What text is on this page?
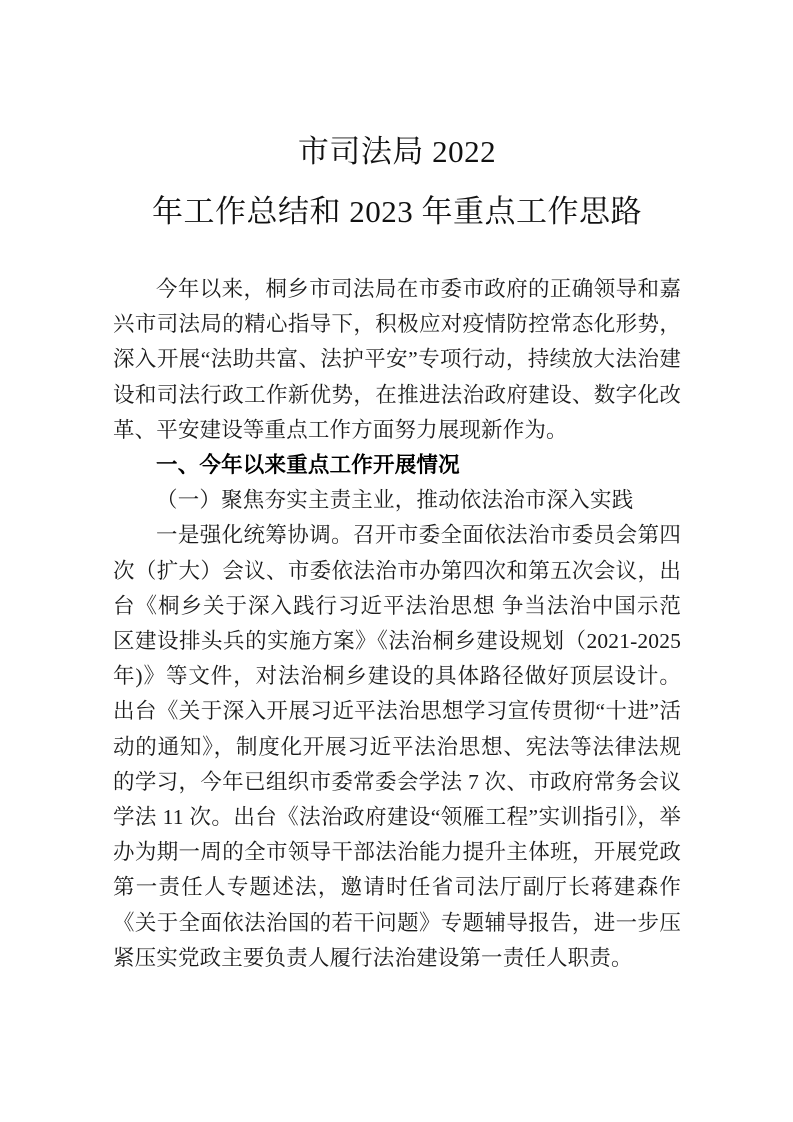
市司法局 2022
年工作总结和 2023 年重点工作思路

今年以来，桐乡市司法局在市委市政府的正确领导和嘉兴市司法局的精心指导下，积极应对疫情防控常态化形势，深入开展“法助共富、法护平安”专项行动，持续放大法治建设和司法行政工作新优势，在推进法治政府建设、数字化改革、平安建设等重点工作方面努力展现新作为。

一、今年以来重点工作开展情况

（一）聚焦夯实主责主业，推动依法治市深入实践

一是强化统筹协调。召开市委全面依法治市委员会第四次（扩大）会议、市委依法治市办第四次和第五次会议，出台《桐乡关于深入践行习近平法治思想 争当法治中国示范区建设排头兵的实施方案》《法治桐乡建设规划（2021-2025年)》等文件，对法治桐乡建设的具体路径做好顶层设计。出台《关于深入开展习近平法治思想学习宣传贯彻“十进”活动的通知》，制度化开展习近平法治思想、宪法等法律法规的学习，今年已组织市委常委会学法 7 次、市政府常务会议学法 11 次。出台《法治政府建设“领雁工程”实训指引》，举办为期一周的全市领导干部法治能力提升主体班，开展党政第一责任人专题述法，邀请时任省司法厅副厅长蒋建森作《关于全面依法治国的若干问题》专题辅导报告，进一步压紧压实党政主要负责人履行法治建设第一责任人职责。
